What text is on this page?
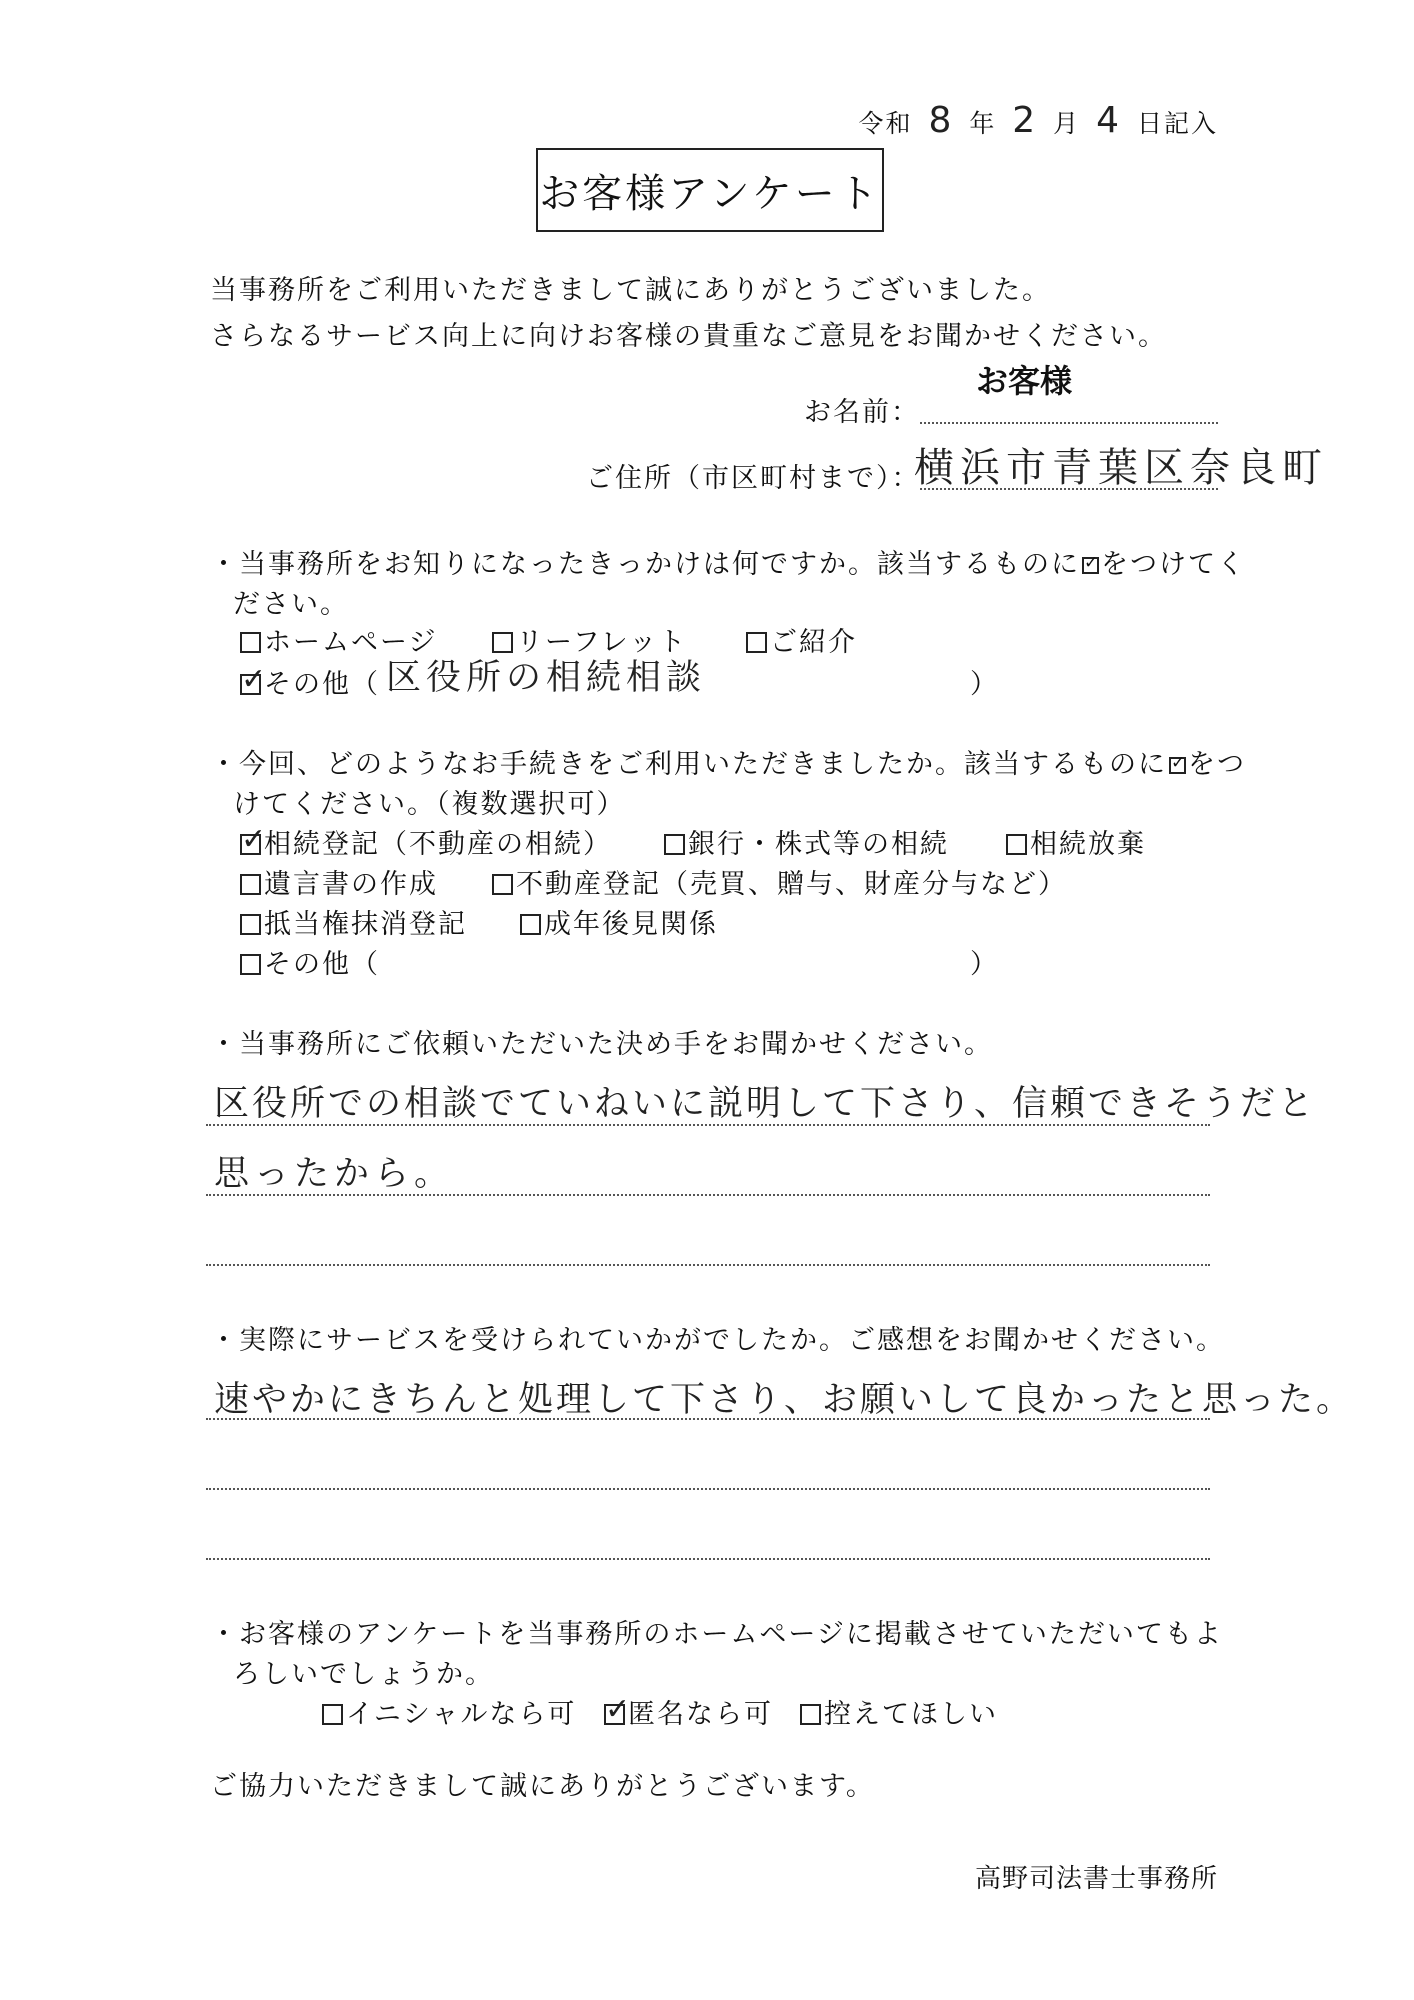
令和 8 年 2 月 4 日記入
お客様アンケート
当事務所をご利用いただきまして誠にありがとうございました。
さらなるサービス向上に向けお客様の貴重なご意見をお聞かせください。
お名前：
お客様
ご住所（市区町村まで）：
横浜市青葉区奈良町
・当事務所をお知りになったきっかけは何ですか。該当するものに ✓ をつけてく
ださい。
ホームページ	リーフレット	ご紹介
✓その他（ 区役所の相続相談	）
・今回、どのようなお手続きをご利用いただきましたか。該当するものに ✓ をつ
けてください。（複数選択可）
✓相続登記（不動産の相続）	銀行・株式等の相続	相続放棄
遺言書の作成	不動産登記（売買、贈与、財産分与など）
抵当権抹消登記	成年後見関係
その他（	）
・当事務所にご依頼いただいた決め手をお聞かせください。
区役所での相談でていねいに説明して下さり、信頼できそうだと
思ったから。
・実際にサービスを受けられていかがでしたか。ご感想をお聞かせください。
速やかにきちんと処理して下さり、お願いして良かったと思った。
・お客様のアンケートを当事務所のホームページに掲載させていただいてもよ
ろしいでしょうか。
イニシャルなら可 ✓	匿名なら可	控えてほしい
ご協力いただきまして誠にありがとうございます。
高野司法書士事務所
